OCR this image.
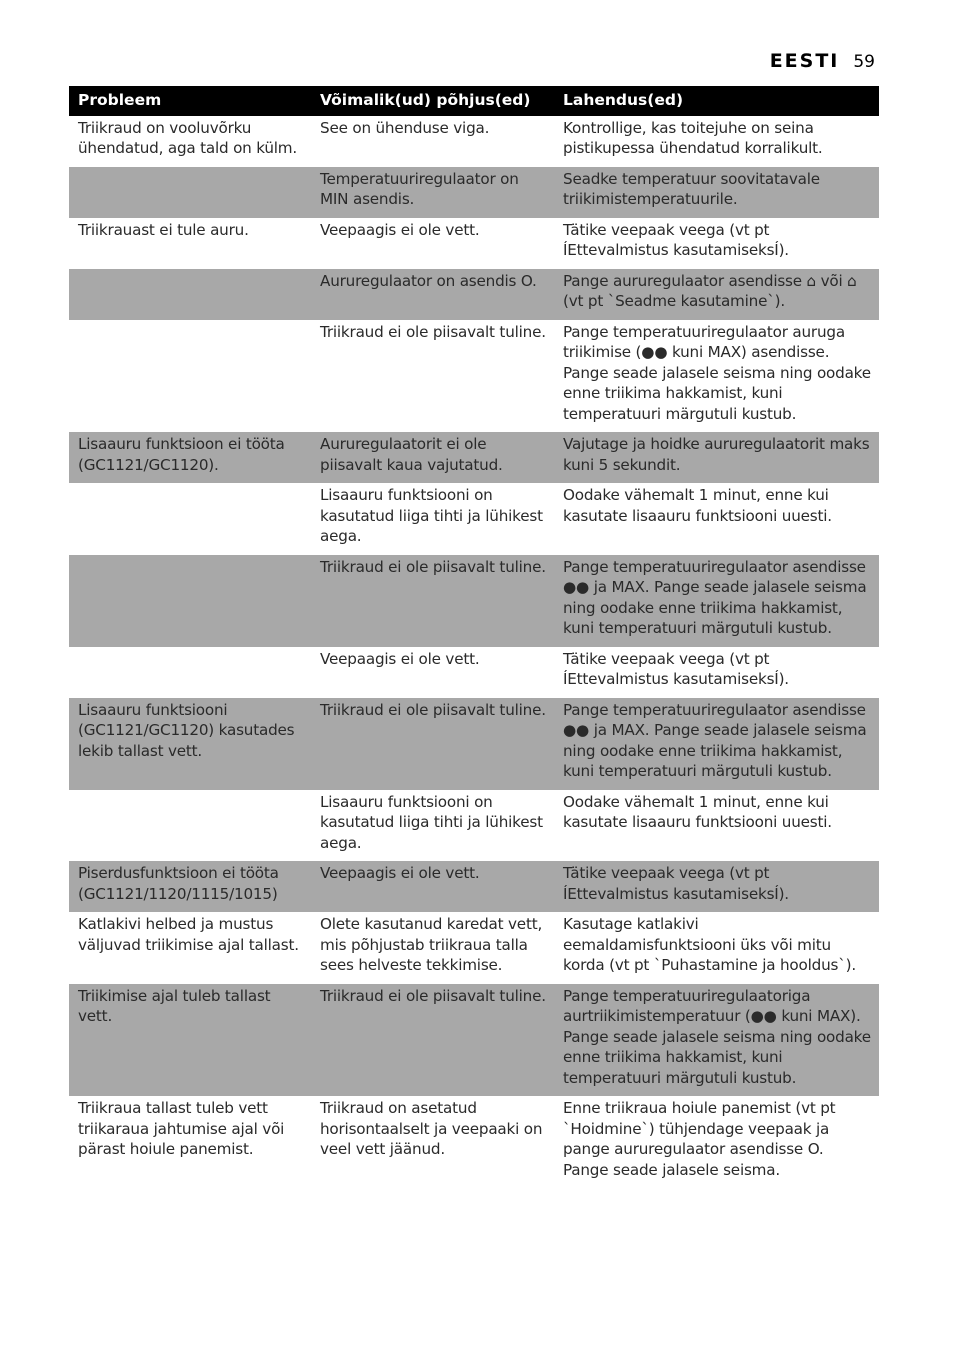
EESTI 59
Probleem	Võimalik(ud) põhjus(ed)	Lahendus(ed)
Triikraud on vooluvõrku ühendatud, aga tald on külm.	See on ühenduse viga.	Kontrollige, kas toitejuhe on seina pistikupessa ühendatud korralikult.
	Temperatuuriregulaator on MIN asendis.	Seadke temperatuur soovitatavale triikimistemperatuurile.
Triikrauast ei tule auru.	Veepaagis ei ole vett.	Tätike veepaak veega (vt pt ÍEttevalmistus kasutamiseksÍ).
	Aururegulaator on asendis O.	Pange aururegulaator asendisse ⌂ või ⌂ (vt pt `Seadme kasutamine`).
	Triikraud ei ole piisavalt tuline.	Pange temperatuuriregulaator auruga triikimise (●● kuni MAX) asendisse. Pange seade jalasele seisma ning oodake enne triikima hakkamist, kuni temperatuuri märgutuli kustub.
Lisaauru funktsioon ei tööta (GC1121/GC1120).	Aururegulaatorit ei ole piisavalt kaua vajutatud.	Vajutage ja hoidke aururegulaatorit maks kuni 5 sekundit.
	Lisaauru funktsiooni on kasutatud liiga tihti ja lühikest aega.	Oodake vähemalt 1 minut, enne kui kasutate lisaauru funktsiooni uuesti.
	Triikraud ei ole piisavalt tuline.	Pange temperatuuriregulaator asendisse ●● ja MAX. Pange seade jalasele seisma ning oodake enne triikima hakkamist, kuni temperatuuri märgutuli kustub.
	Veepaagis ei ole vett.	Tätike veepaak veega (vt pt ÍEttevalmistus kasutamiseksÍ).
Lisaauru funktsiooni (GC1121/GC1120) kasutades lekib tallast vett.	Triikraud ei ole piisavalt tuline.	Pange temperatuuriregulaator asendisse ●● ja MAX. Pange seade jalasele seisma ning oodake enne triikima hakkamist, kuni temperatuuri märgutuli kustub.
	Lisaauru funktsiooni on kasutatud liiga tihti ja lühikest aega.	Oodake vähemalt 1 minut, enne kui kasutate lisaauru funktsiooni uuesti.
Piserdusfunktsioon ei tööta (GC1121/1120/1115/1015)	Veepaagis ei ole vett.	Tätike veepaak veega (vt pt ÍEttevalmistus kasutamiseksÍ).
Katlakivi helbed ja mustus väljuvad triikimise ajal tallast.	Olete kasutanud karedat vett, mis põhjustab triikraua talla sees helveste tekkimise.	Kasutage katlakivi eemaldamisfunktsiooni üks või mitu korda (vt pt `Puhastamine ja hooldus`).
Triikimise ajal tuleb tallast vett.	Triikraud ei ole piisavalt tuline.	Pange temperatuuriregulaatoriga aurtriikimistemperatuur (●● kuni MAX). Pange seade jalasele seisma ning oodake enne triikima hakkamist, kuni temperatuuri märgutuli kustub.
Triikraua tallast tuleb vett triikaraua jahtumise ajal või pärast hoiule panemist.	Triikraud on asetatud horisontaalselt ja veepaaki on veel vett jäänud.	Enne triikraua hoiule panemist (vt pt `Hoidmine`) tühjendage veepaak ja pange aururegulaator asendisse O. Pange seade jalasele seisma.
